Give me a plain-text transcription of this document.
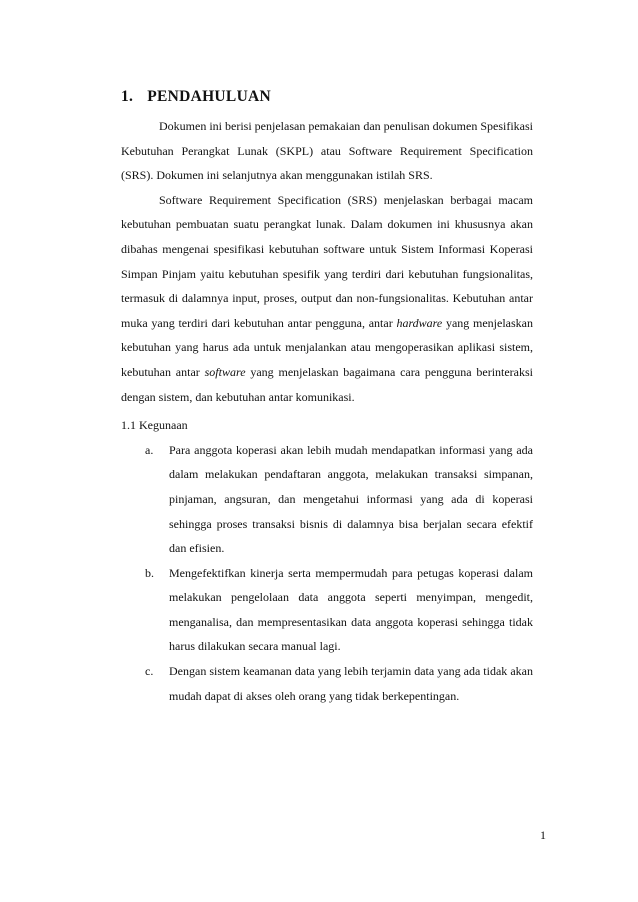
1. PENDAHULUAN

Dokumen ini berisi penjelasan pemakaian dan penulisan dokumen Spesifikasi Kebutuhan Perangkat Lunak (SKPL) atau Software Requirement Specification (SRS). Dokumen ini selanjutnya akan menggunakan istilah SRS.

Software Requirement Specification (SRS) menjelaskan berbagai macam kebutuhan pembuatan suatu perangkat lunak. Dalam dokumen ini khususnya akan dibahas mengenai spesifikasi kebutuhan software untuk Sistem Informasi Koperasi Simpan Pinjam yaitu kebutuhan spesifik yang terdiri dari kebutuhan fungsionalitas, termasuk di dalamnya input, proses, output dan non-fungsionalitas. Kebutuhan antar muka yang terdiri dari kebutuhan antar pengguna, antar hardware yang menjelaskan kebutuhan yang harus ada untuk menjalankan atau mengoperasikan aplikasi sistem, kebutuhan antar software yang menjelaskan bagaimana cara pengguna berinteraksi dengan sistem, dan kebutuhan antar komunikasi.

1.1 Kegunaan
a. Para anggota koperasi akan lebih mudah mendapatkan informasi yang ada dalam melakukan pendaftaran anggota, melakukan transaksi simpanan, pinjaman, angsuran, dan mengetahui informasi yang ada di koperasi sehingga proses transaksi bisnis di dalamnya bisa berjalan secara efektif dan efisien.
b. Mengefektifkan kinerja serta mempermudah para petugas koperasi dalam melakukan pengelolaan data anggota seperti menyimpan, mengedit, menganalisa, dan mempresentasikan data anggota koperasi sehingga tidak harus dilakukan secara manual lagi.
c. Dengan sistem keamanan data yang lebih terjamin data yang ada tidak akan mudah dapat di akses oleh orang yang tidak berkepentingan.
1
